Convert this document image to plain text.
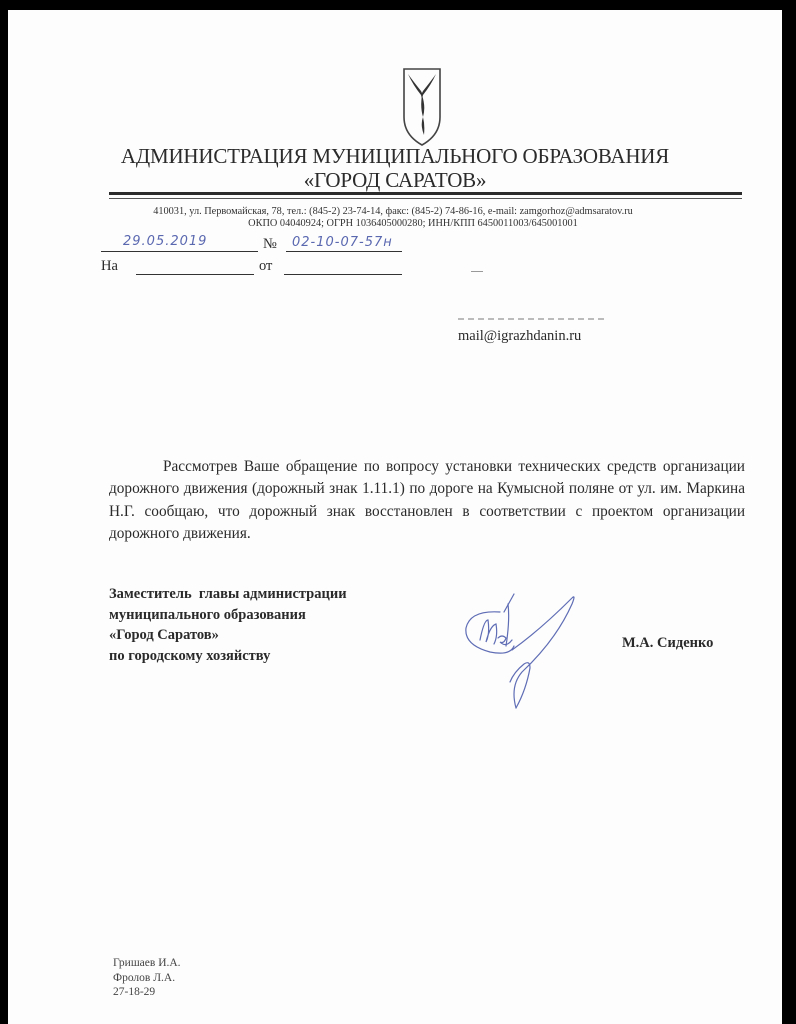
АДМИНИСТРАЦИЯ МУНИЦИПАЛЬНОГО ОБРАЗОВАНИЯ
«ГОРОД САРАТОВ»
410031, ул. Первомайская, 78, тел.: (845-2) 23-74-14, факс: (845-2) 74-86-16, e-mail: zamgorhoz@admsaratov.ru
ОКПО 04040924; ОГРН 1036405000280; ИНН/КПП 6450011003/645001001
29.05.2019	№ 02-10-07-57н
На	от
mail@igrazhdanin.ru

Рассмотрев Ваше обращение по вопросу установки технических средств организации дорожного движения (дорожный знак 1.11.1) по дороге на Кумысной поляне от ул. им. Маркина Н.Г. сообщаю, что дорожный знак восстановлен в соответствии с проектом организации дорожного движения.

Заместитель  главы администрации
муниципального образования
«Город Саратов»
по городскому хозяйству
М.А. Сиденко
Гришаев И.А.
Фролов Л.А.
27-18-29
